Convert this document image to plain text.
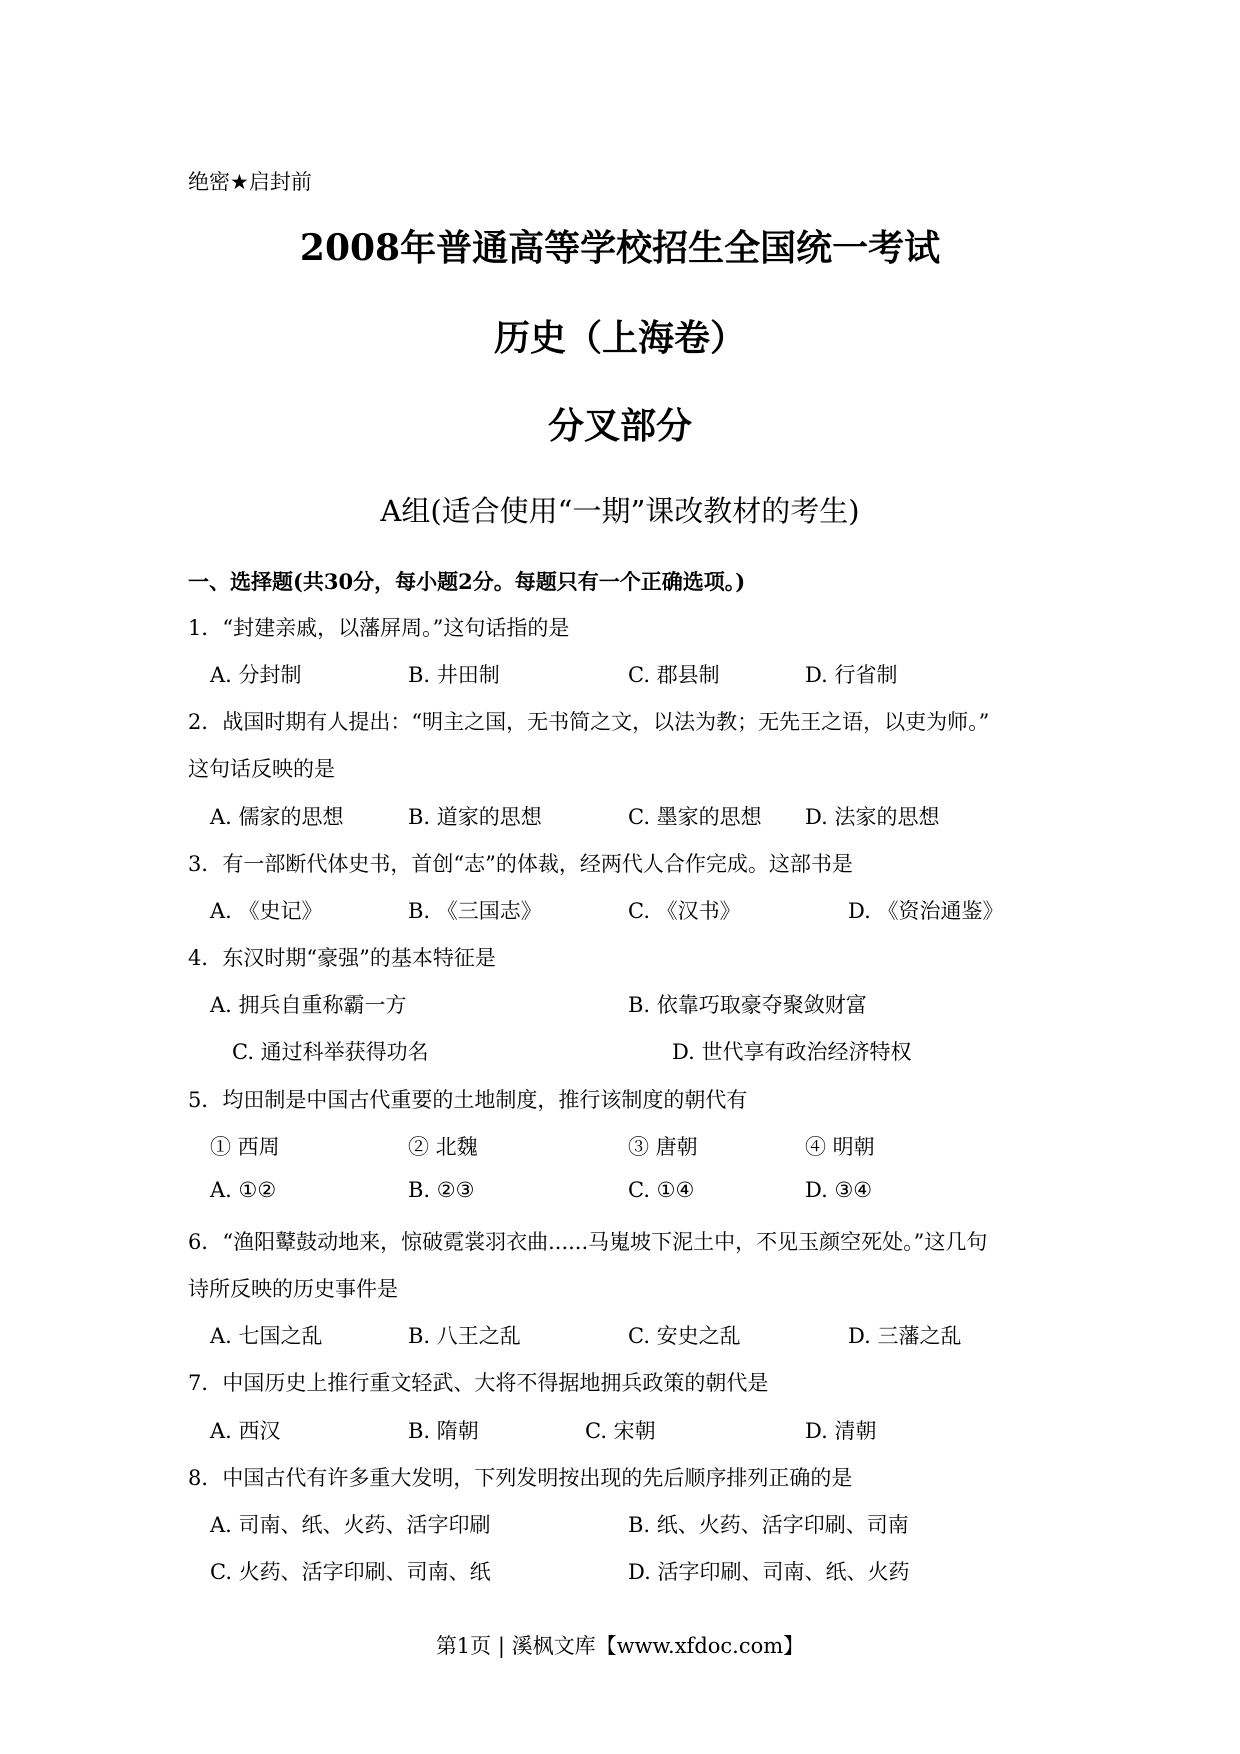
绝密★启封前
2008年普通高等学校招生全国统一考试
历史（上海卷）
分叉部分
A组(适合使用“一期”课改教材的考生)
一、选择题(共30分，每小题2分。每题只有一个正确选项。)
1．“封建亲戚，以藩屏周。”这句话指的是
A. 分封制	B. 井田制	C. 郡县制	D. 行省制
2．战国时期有人提出：“明主之国，无书简之文，以法为教；无先王之语，以吏为师。”
这句话反映的是
A. 儒家的思想	B. 道家的思想	C. 墨家的思想 D. 法家的思想
3．有一部断代体史书，首创“志”的体裁，经两代人合作完成。这部书是
A. 《史记》	B. 《三国志》	C. 《汉书》	D. 《资治通鉴》
4．东汉时期“豪强”的基本特征是
A. 拥兵自重称霸一方	B. 依靠巧取豪夺聚敛财富
C. 通过科举获得功名	D. 世代享有政治经济特权
5．均田制是中国古代重要的土地制度，推行该制度的朝代有
① 西周	② 北魏	③ 唐朝	④ 明朝
A. ①②	B. ②③	C. ①④	D. ③④
6．“渔阳鼙鼓动地来，惊破霓裳羽衣曲......马嵬坡下泥土中，不见玉颜空死处。”这几句
诗所反映的历史事件是
A. 七国之乱	B. 八王之乱	C. 安史之乱	D. 三藩之乱
7．中国历史上推行重文轻武、大将不得据地拥兵政策的朝代是
A. 西汉	B. 隋朝	C. 宋朝	D. 清朝
8．中国古代有许多重大发明，下列发明按出现的先后顺序排列正确的是
A. 司南、纸、火药、活字印刷	B. 纸、火药、活字印刷、司南
C. 火药、活字印刷、司南、纸	D. 活字印刷、司南、纸、火药
第1页 | 溪枫文库【www.xfdoc.com】
